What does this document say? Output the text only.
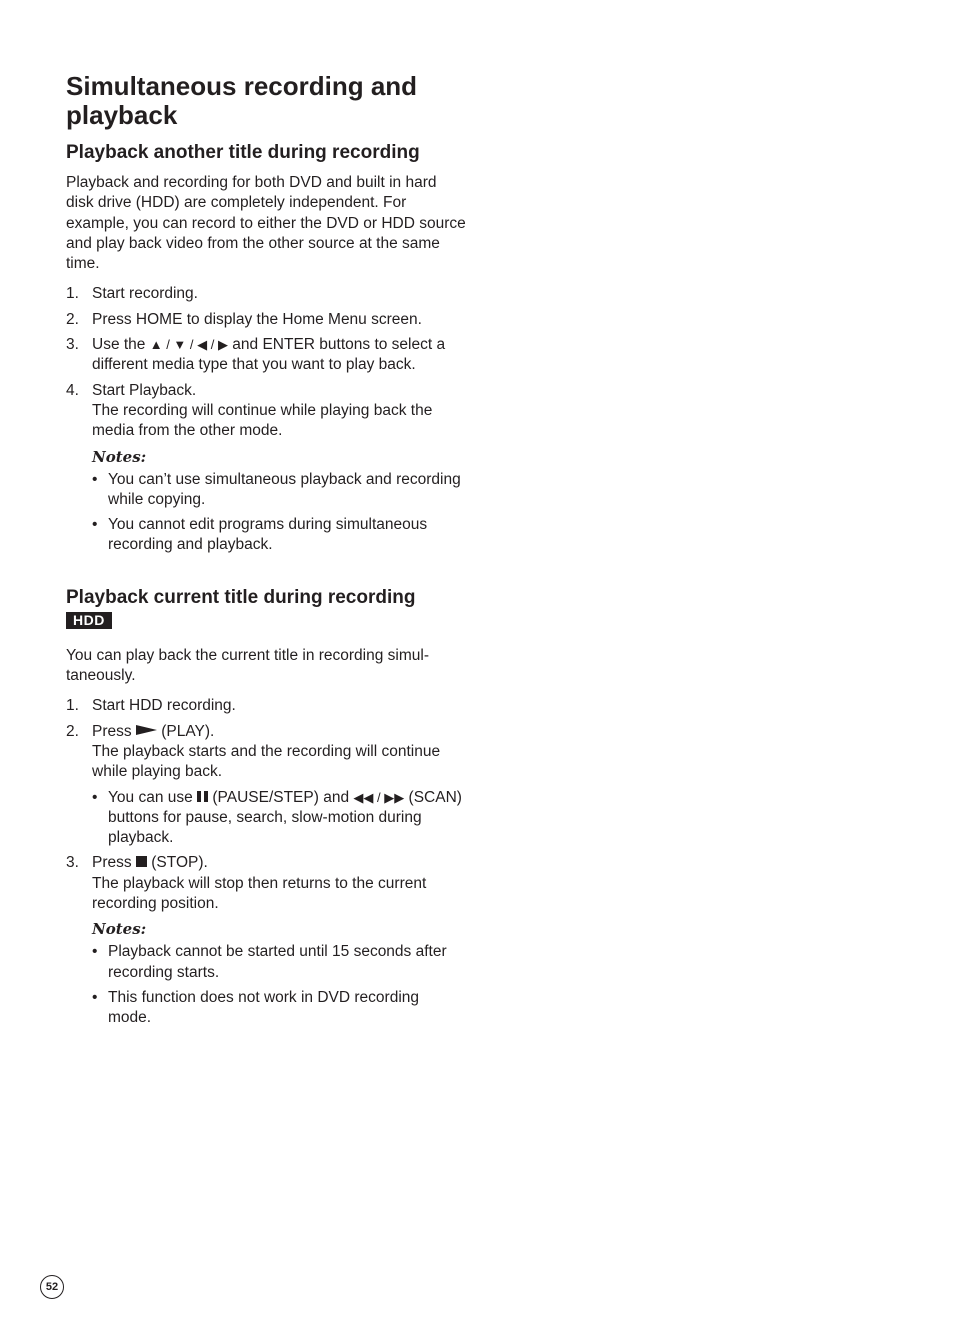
Simultaneous recording and playback
Playback another title during recording

Playback and recording for both DVD and built in hard disk drive (HDD) are completely independent. For example, you can record to either the DVD or HDD source and play back video from the other source at the same time.

1. Start recording.
2. Press HOME to display the Home Menu screen.
3. Use the ▲ / ▼ / ◀ / ▶ and ENTER buttons to select a different media type that you want to play back.
4. Start Playback.
The recording will continue while playing back the media from the other mode.
Notes:
• You can’t use simultaneous playback and recording while copying.
• You cannot edit programs during simultaneous recording and playback.
Playback current title during recording
HDD

You can play back the current title in recording simul-taneously.

1. Start HDD recording.
2. Press (PLAY).
The playback starts and the recording will continue while playing back.
• You can use (PAUSE/STEP) and ◀◀ / ▶▶ (SCAN) buttons for pause, search, slow-motion during playback.
3. Press (STOP).
The playback will stop then returns to the current recording position.
Notes:
• Playback cannot be started until 15 seconds after recording starts.
• This function does not work in DVD recording mode.
52
